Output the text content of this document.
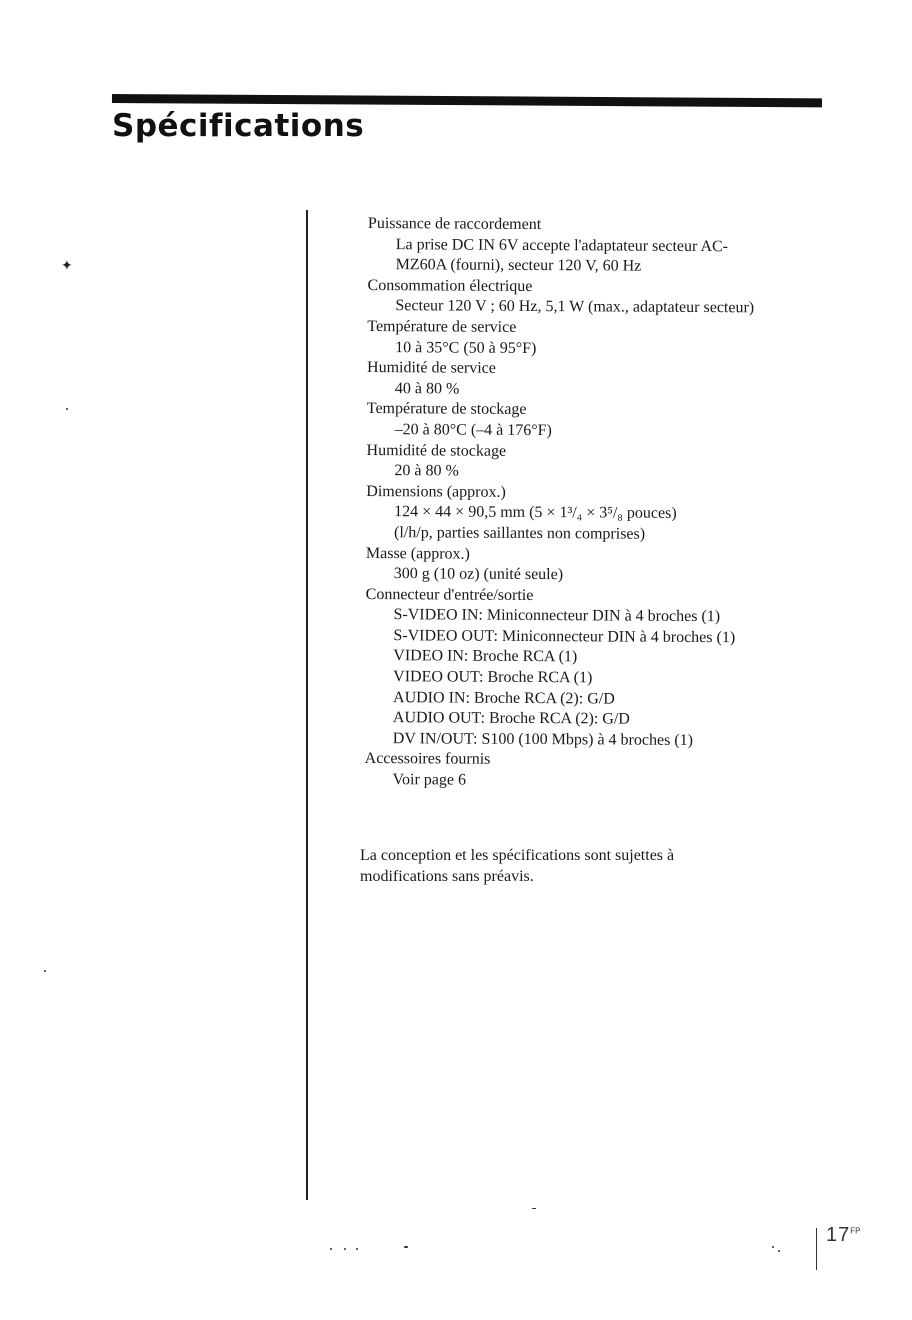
Spécifications
✦
Puissance de raccordement
La prise DC IN 6V accepte l'adaptateur secteur AC-
MZ60A (fourni), secteur 120 V, 60 Hz
Consommation électrique
Secteur 120 V ; 60 Hz, 5,1 W (max., adaptateur secteur)
Température de service
10 à 35°C (50 à 95°F)
Humidité de service
40 à 80 %
Température de stockage
–20 à 80°C (–4 à 176°F)
Humidité de stockage
20 à 80 %
Dimensions (approx.)
124 × 44 × 90,5 mm (5 × 1³/₄ × 3⁵/₈ pouces)
(l/h/p, parties saillantes non comprises)
Masse (approx.)
300 g (10 oz) (unité seule)
Connecteur d'entrée/sortie
S-VIDEO IN: Miniconnecteur DIN à 4 broches (1)
S-VIDEO OUT: Miniconnecteur DIN à 4 broches (1)
VIDEO IN: Broche RCA (1)
VIDEO OUT: Broche RCA (1)
AUDIO IN: Broche RCA (2): G/D
AUDIO OUT: Broche RCA (2): G/D
DV IN/OUT: S100 (100 Mbps) à 4 broches (1)
Accessoires fournis
Voir page 6
La conception et les spécifications sont sujettes à
modifications sans préavis.
$17^{FP}$
